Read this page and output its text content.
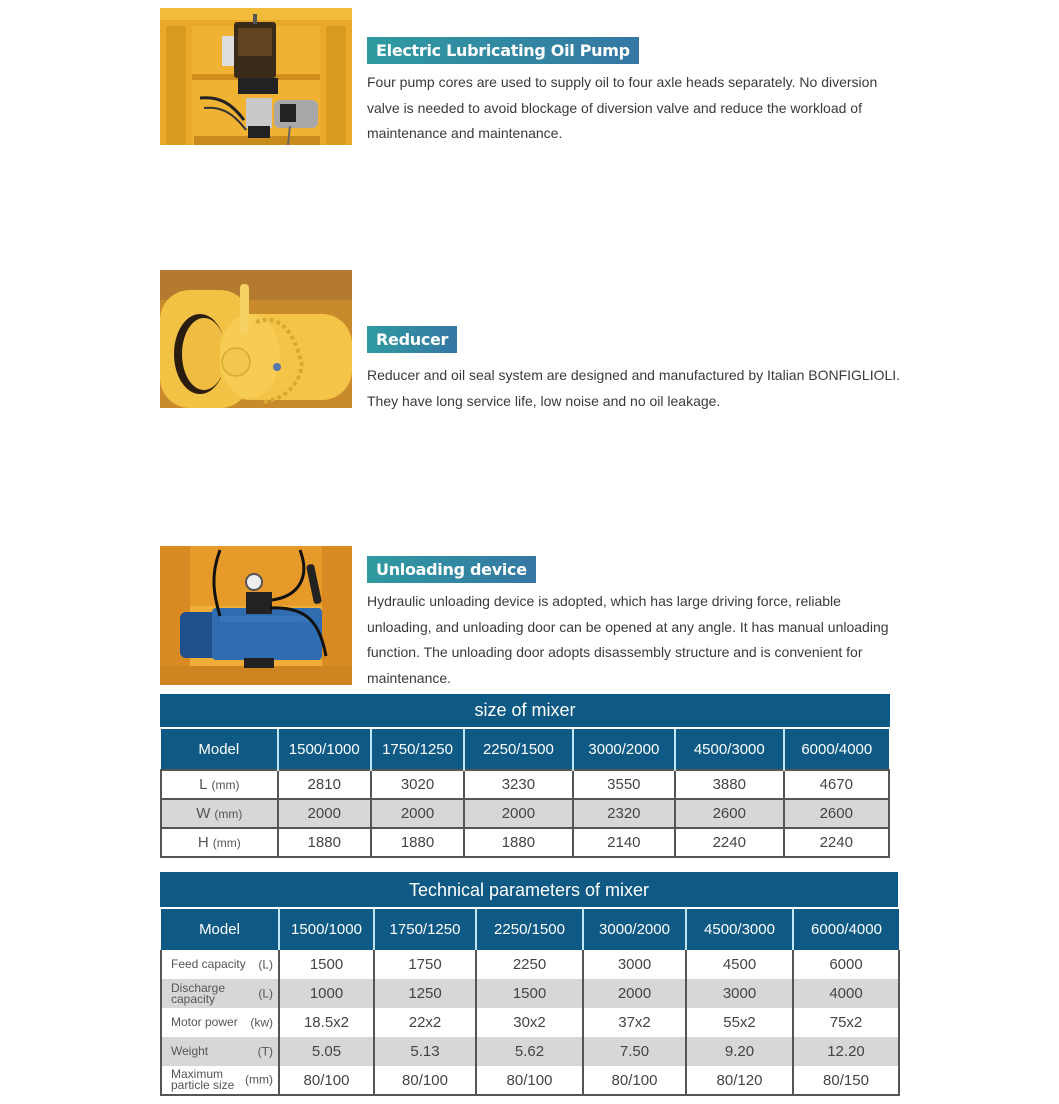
Electric Lubricating Oil Pump

Four pump cores are used to supply oil to four axle heads separately. No diversion valve is needed to avoid blockage of diversion valve and reduce the workload of maintenance and maintenance.

Reducer

Reducer and oil seal system are designed and manufactured by Italian BONFIGLIOLI. They have long service life, low noise and no oil leakage.

Unloading device

Hydraulic unloading device is adopted, which has large driving force, reliable unloading, and unloading door can be opened at any angle. It has manual unloading function. The unloading door adopts disassembly structure and is convenient for maintenance.

size of mixer
Model	1500/1000	1750/1250	2250/1500	3000/2000	4500/3000	6000/4000
L (mm)	2810	3020	3230	3550	3880	4670
W (mm)	2000	2000	2000	2320	2600	2600
H (mm)	1880	1880	1880	2140	2240	2240
Technical parameters of mixer
Model	1500/1000	1750/1250	2250/1500	3000/2000	4500/3000	6000/4000
Feed capacity (L)	1500	1750	2250	3000	4500	6000
Discharge capacity (L)	1000	1250	1500	2000	3000	4000
Motor power (kw)	18.5x2	22x2	30x2	37x2	55x2	75x2
Weight (T)	5.05	5.13	5.62	7.50	9.20	12.20
Maximum particle size (mm)	80/100	80/100	80/100	80/100	80/120	80/150
